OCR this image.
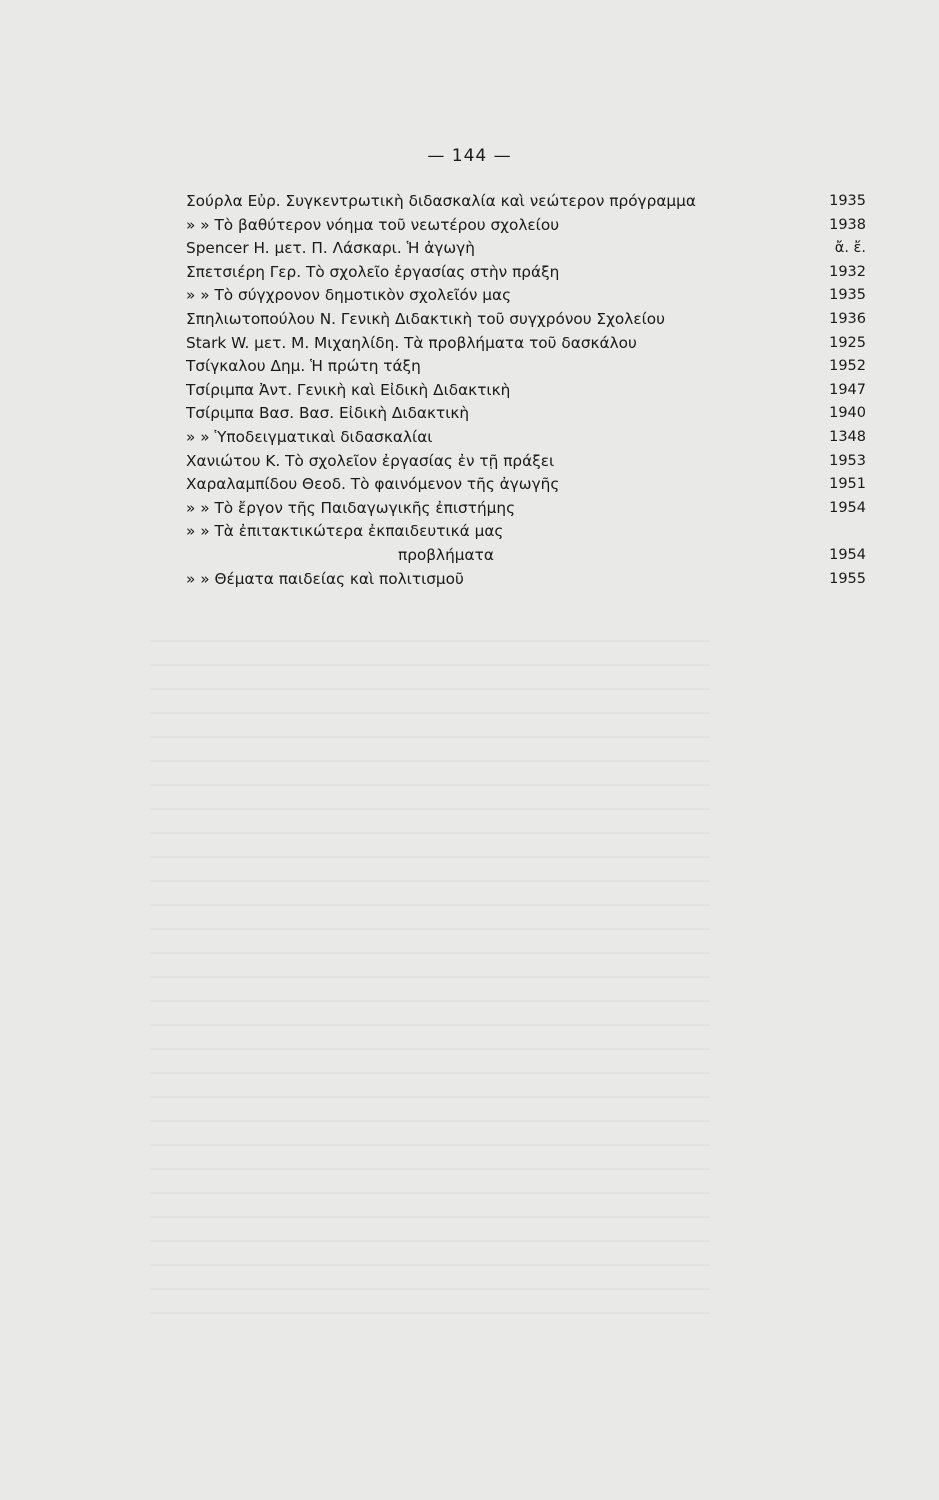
— 144 —
Σούρλα Εὐρ. Συγκεντρωτικὴ διδασκαλία καὶ νεώτερον πρόγραμμα	1935
» » Τὸ βαθύτερον νόημα τοῦ νεωτέρου σχολείου	1938
Spencer H. μετ. Π. Λάσκαρι. Ἡ ἀγωγὴ	ἄ. ἔ.
Σπετσιέρη Γερ. Τὸ σχολεῖο ἐργασίας στὴν πράξη	1932
» » Τὸ σύγχρονον δημοτικὸν σχολεῖόν μας	1935
Σπηλιωτοπούλου Ν. Γενικὴ Διδακτικὴ τοῦ συγχρόνου Σχολείου	1936
Stark W. μετ. Μ. Μιχαηλίδη. Τὰ προβλήματα τοῦ δασκάλου	1925
Τσίγκαλου Δημ. Ἡ πρώτη τάξη	1952
Τσίριμπα Ἀντ. Γενικὴ καὶ Εἰδικὴ Διδακτικὴ	1947
Τσίριμπα Βασ. Βασ. Εἰδικὴ Διδακτικὴ	1940
» » Ὑποδειγματικαὶ διδασκαλίαι	1348
Χανιώτου Κ. Τὸ σχολεῖον ἐργασίας ἐν τῇ πράξει	1953
Χαραλαμπίδου Θεοδ. Τὸ φαινόμενον τῆς ἀγωγῆς	1951
» » Τὸ ἔργον τῆς Παιδαγωγικῆς ἐπιστήμης	1954
» » Τὰ ἐπιτακτικώτερα ἐκπαιδευτικά μας
προβλήματα	1954
» » Θέματα παιδείας καὶ πολιτισμοῦ	1955
